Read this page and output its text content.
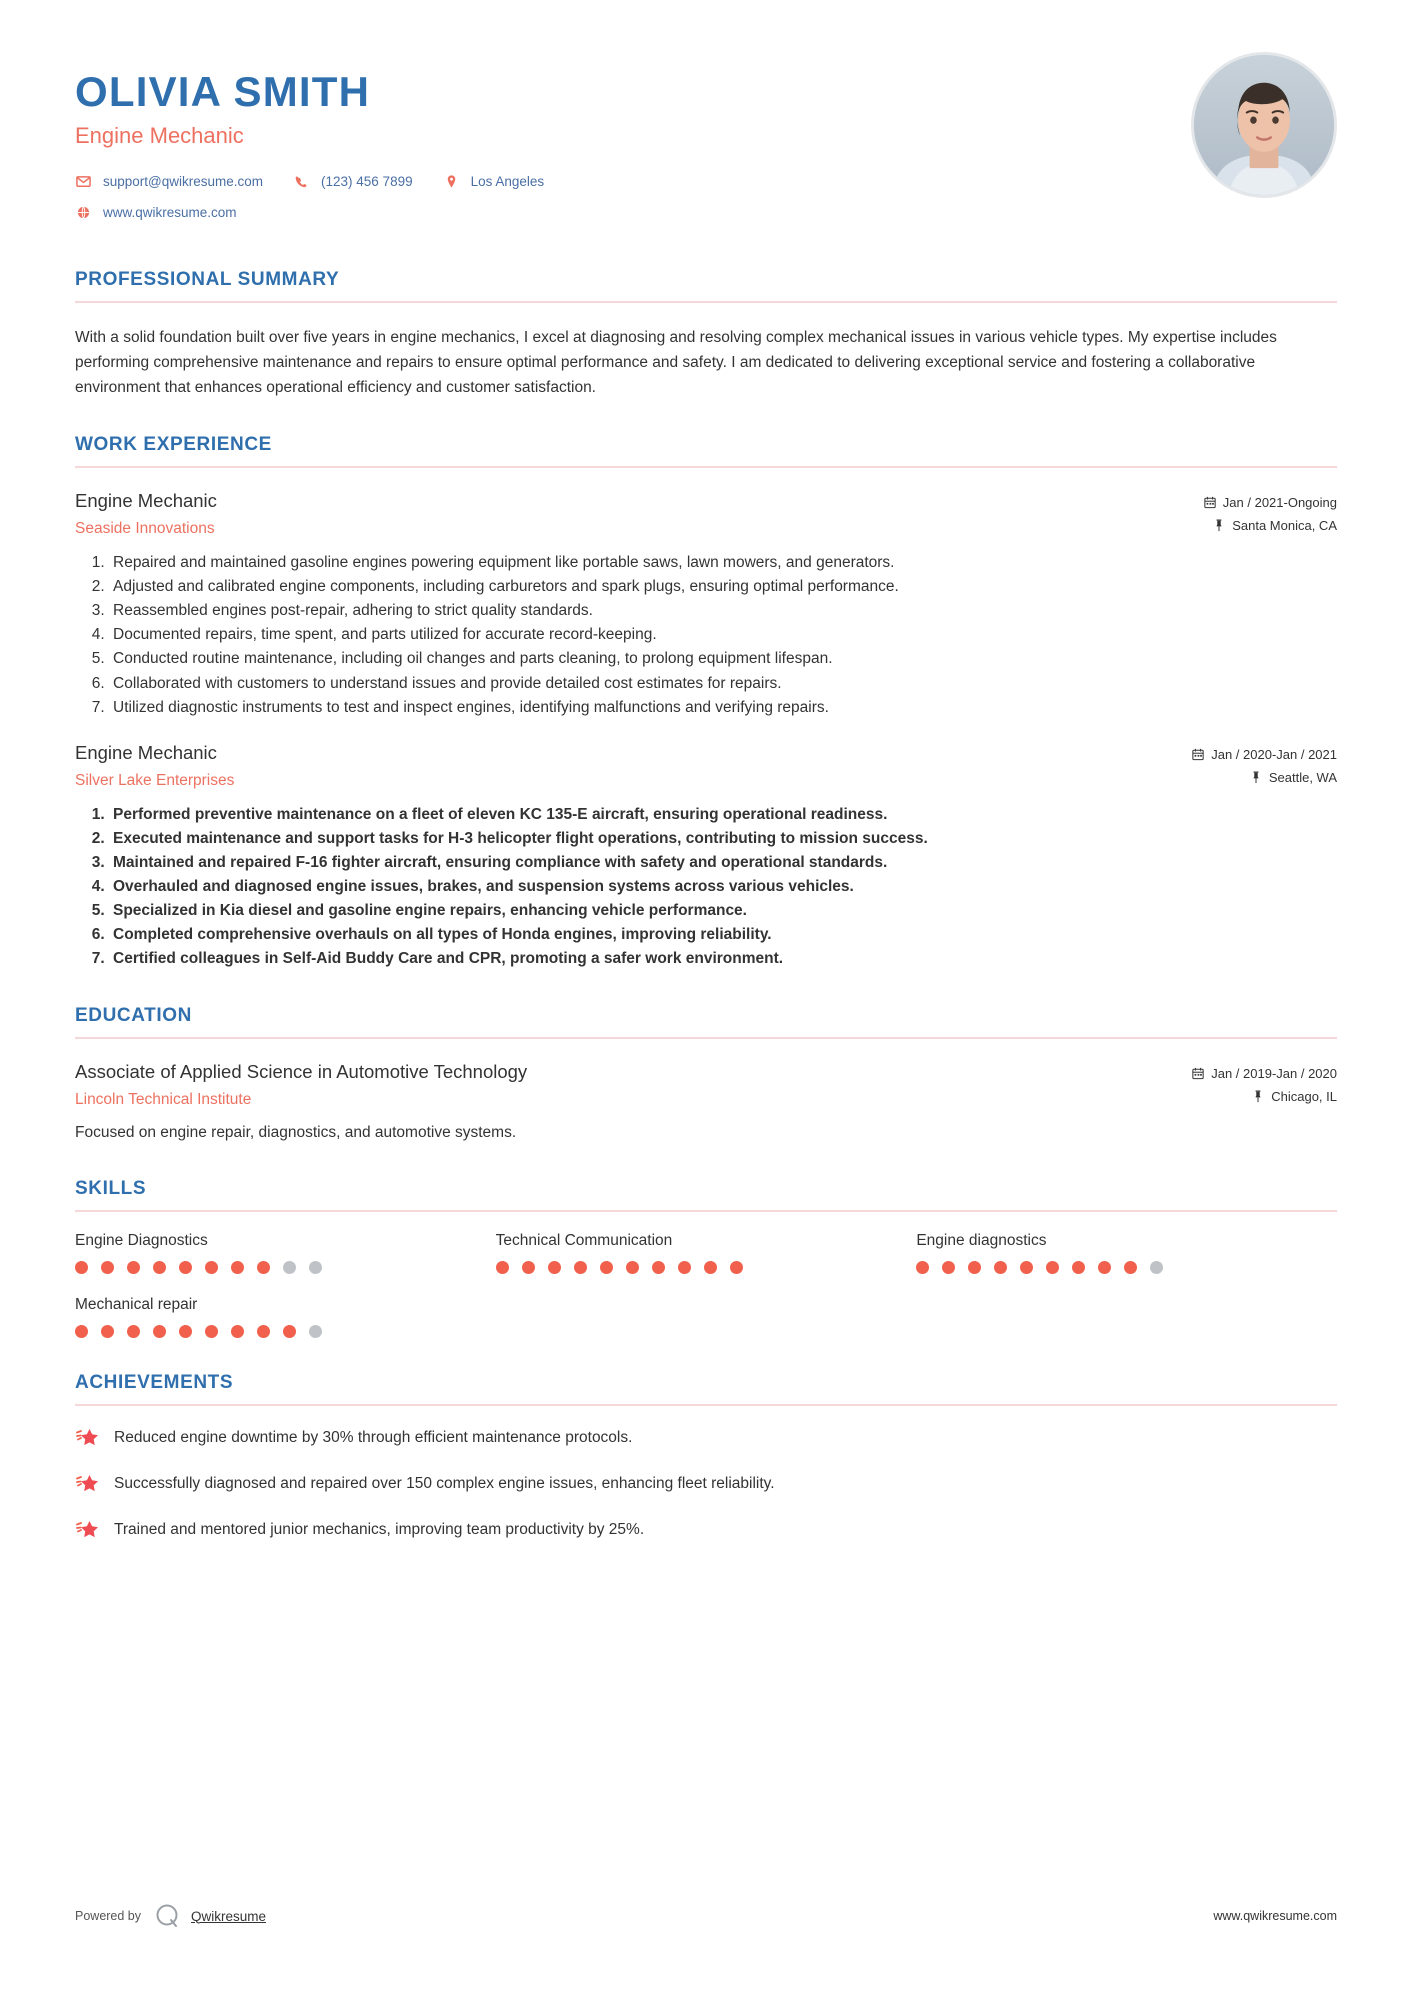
OLIVIA SMITH
Engine Mechanic
support@qwikresume.com	(123) 456 7899	Los Angeles
www.qwikresume.com
PROFESSIONAL SUMMARY
With a solid foundation built over five years in engine mechanics, I excel at diagnosing and resolving complex mechanical issues in various vehicle types. My expertise includes performing comprehensive maintenance and repairs to ensure optimal performance and safety. I am dedicated to delivering exceptional service and fostering a collaborative environment that enhances operational efficiency and customer satisfaction.
WORK EXPERIENCE
Engine Mechanic
Seaside Innovations
Jan / 2021-Ongoing
Santa Monica, CA
1. Repaired and maintained gasoline engines powering equipment like portable saws, lawn mowers, and generators.
2. Adjusted and calibrated engine components, including carburetors and spark plugs, ensuring optimal performance.
3. Reassembled engines post-repair, adhering to strict quality standards.
4. Documented repairs, time spent, and parts utilized for accurate record-keeping.
5. Conducted routine maintenance, including oil changes and parts cleaning, to prolong equipment lifespan.
6. Collaborated with customers to understand issues and provide detailed cost estimates for repairs.
7. Utilized diagnostic instruments to test and inspect engines, identifying malfunctions and verifying repairs.
Engine Mechanic
Silver Lake Enterprises
Jan / 2020-Jan / 2021
Seattle, WA
1. Performed preventive maintenance on a fleet of eleven KC 135-E aircraft, ensuring operational readiness.
2. Executed maintenance and support tasks for H-3 helicopter flight operations, contributing to mission success.
3. Maintained and repaired F-16 fighter aircraft, ensuring compliance with safety and operational standards.
4. Overhauled and diagnosed engine issues, brakes, and suspension systems across various vehicles.
5. Specialized in Kia diesel and gasoline engine repairs, enhancing vehicle performance.
6. Completed comprehensive overhauls on all types of Honda engines, improving reliability.
7. Certified colleagues in Self-Aid Buddy Care and CPR, promoting a safer work environment.
EDUCATION
Associate of Applied Science in Automotive Technology
Lincoln Technical Institute
Jan / 2019-Jan / 2020
Chicago, IL
Focused on engine repair, diagnostics, and automotive systems.
SKILLS
Engine Diagnostics	Technical Communication	Engine diagnostics
Mechanical repair
ACHIEVEMENTS
Reduced engine downtime by 30% through efficient maintenance protocols.
Successfully diagnosed and repaired over 150 complex engine issues, enhancing fleet reliability.
Trained and mentored junior mechanics, improving team productivity by 25%.
Powered by	Qwikresume	www.qwikresume.com
